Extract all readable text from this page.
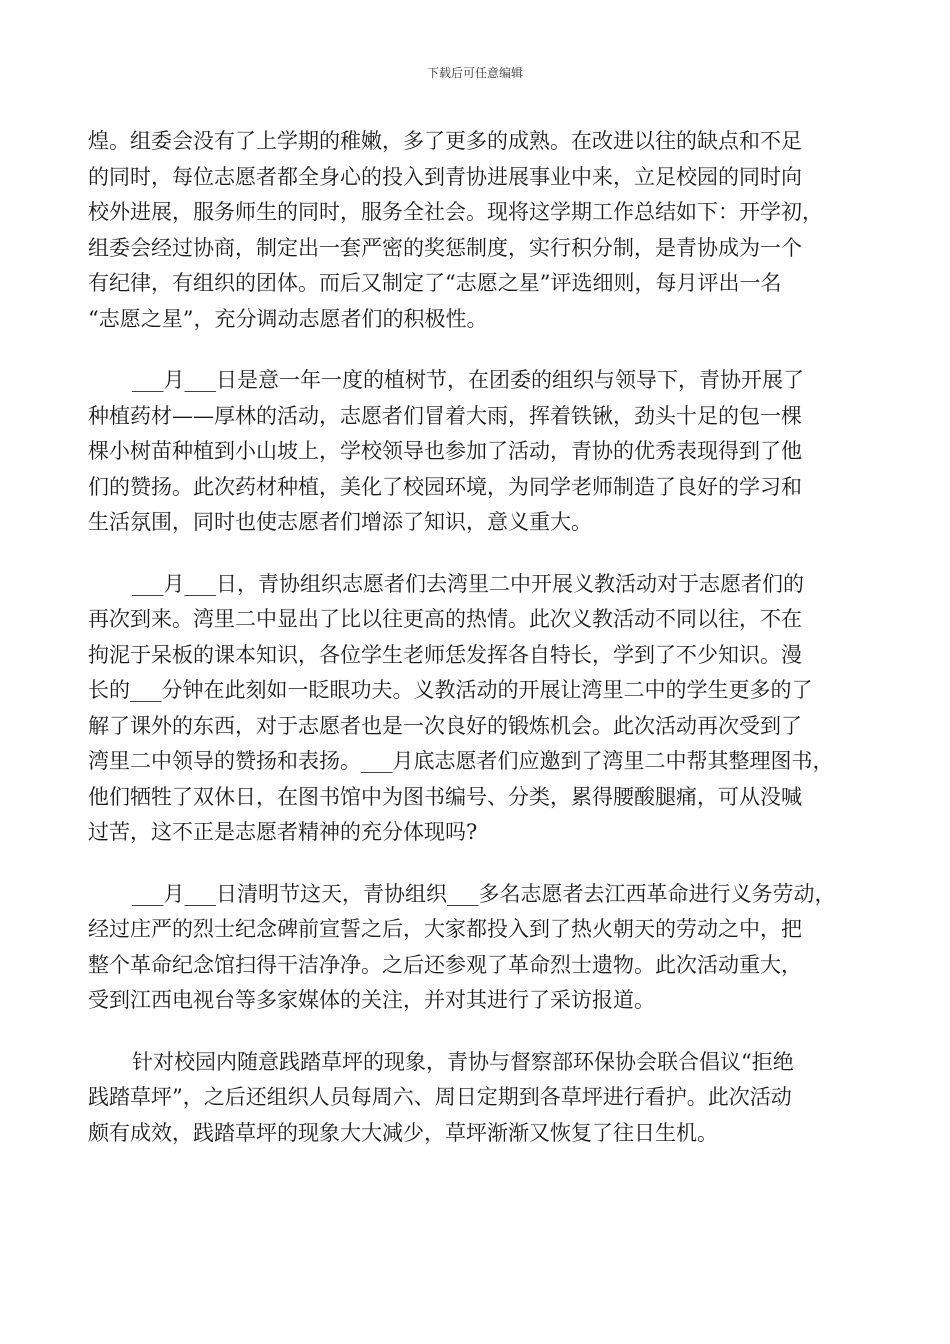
下载后可任意编辑

煌。组委会没有了上学期的稚嫩，多了更多的成熟。在改进以往的缺点和不足
的同时，每位志愿者都全身心的投入到青协进展事业中来，立足校园的同时向
校外进展，服务师生的同时，服务全社会。现将这学期工作总结如下：开学初，
组委会经过协商，制定出一套严密的奖惩制度，实行积分制，是青协成为一个
有纪律，有组织的团体。而后又制定了“志愿之星”评选细则，每月评出一名
“志愿之星”，充分调动志愿者们的积极性。

___月___日是意一年一度的植树节，在团委的组织与领导下，青协开展了
种植药材——厚林的活动，志愿者们冒着大雨，挥着铁锹，劲头十足的包一棵
棵小树苗种植到小山坡上，学校领导也参加了活动，青协的优秀表现得到了他
们的赞扬。此次药材种植，美化了校园环境，为同学老师制造了良好的学习和
生活氛围，同时也使志愿者们增添了知识，意义重大。

___月___日，青协组织志愿者们去湾里二中开展义教活动对于志愿者们的
再次到来。湾里二中显出了比以往更高的热情。此次义教活动不同以往，不在
拘泥于呆板的课本知识，各位学生老师恁发挥各自特长，学到了不少知识。漫
长的___分钟在此刻如一眨眼功夫。义教活动的开展让湾里二中的学生更多的了
解了课外的东西，对于志愿者也是一次良好的锻炼机会。此次活动再次受到了
湾里二中领导的赞扬和表扬。___月底志愿者们应邀到了湾里二中帮其整理图书，
他们牺牲了双休日，在图书馆中为图书编号、分类，累得腰酸腿痛，可从没喊
过苦，这不正是志愿者精神的充分体现吗?

___月___日清明节这天，青协组织___多名志愿者去江西革命进行义务劳动，
经过庄严的烈士纪念碑前宣誓之后，大家都投入到了热火朝天的劳动之中，把
整个革命纪念馆扫得干洁净净。之后还参观了革命烈士遗物。此次活动重大，
受到江西电视台等多家媒体的关注，并对其进行了采访报道。

针对校园内随意践踏草坪的现象，青协与督察部环保协会联合倡议“拒绝
践踏草坪”，之后还组织人员每周六、周日定期到各草坪进行看护。此次活动
颇有成效，践踏草坪的现象大大减少，草坪渐渐又恢复了往日生机。
